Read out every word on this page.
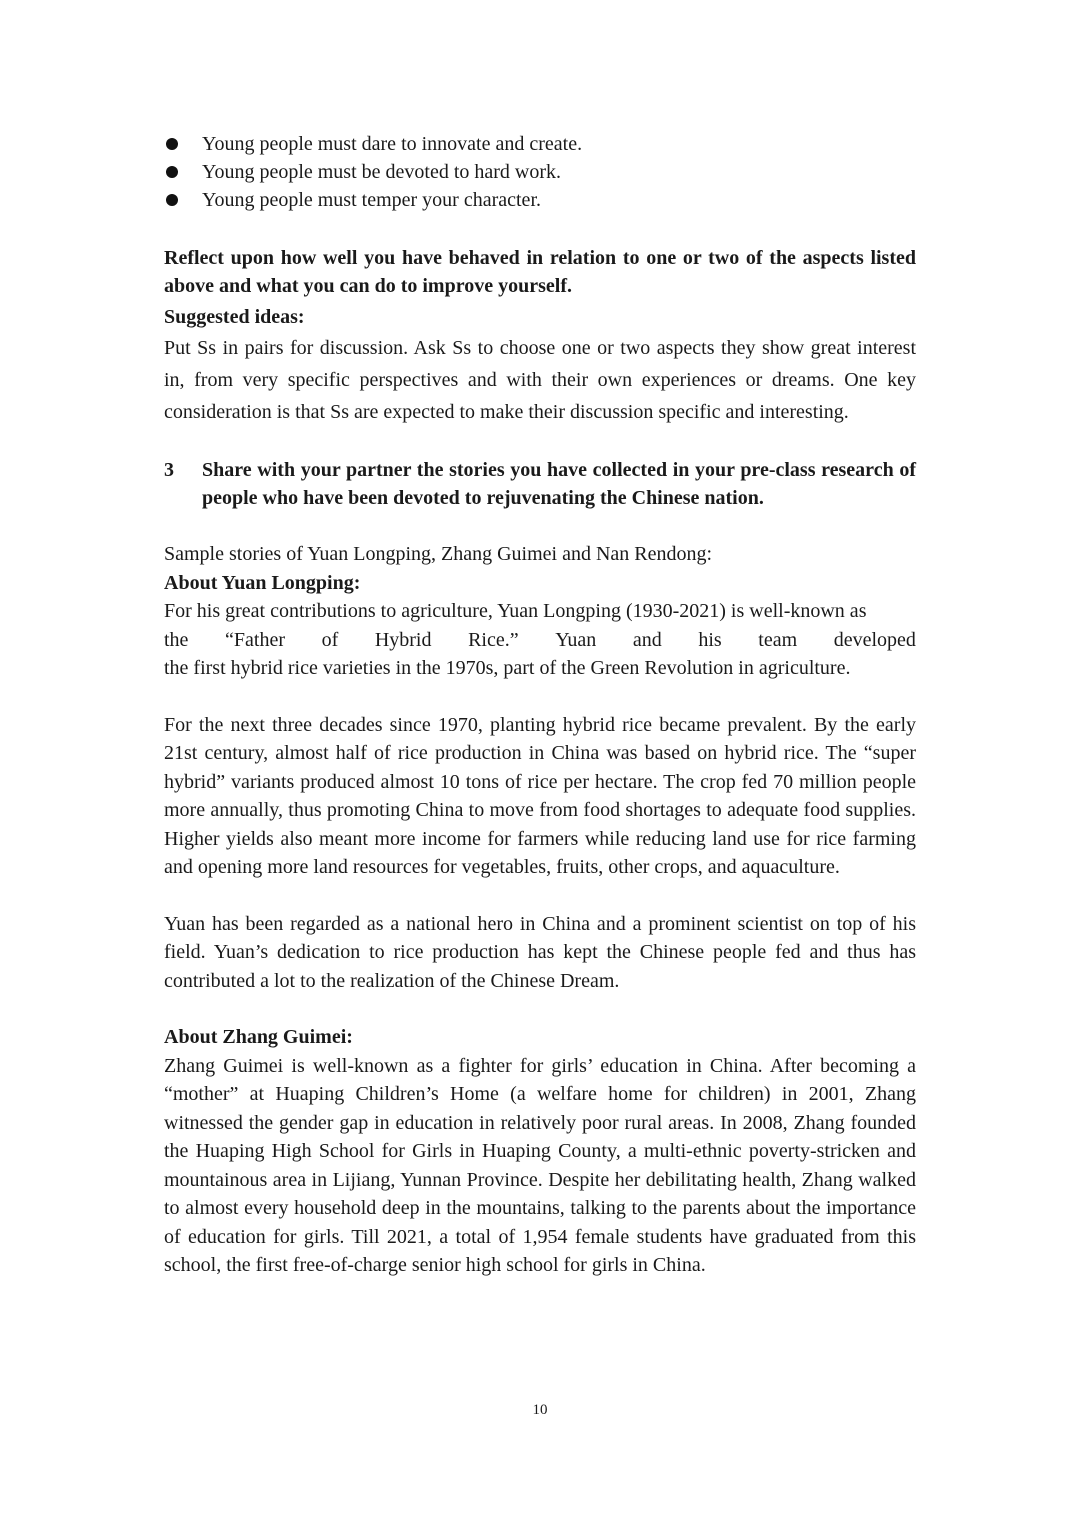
Young people must dare to innovate and create.
Young people must be devoted to hard work.
Young people must temper your character.

Reflect upon how well you have behaved in relation to one or two of the aspects listed above and what you can do to improve yourself.

Suggested ideas:

Put Ss in pairs for discussion. Ask Ss to choose one or two aspects they show great interest in, from very specific perspectives and with their own experiences or dreams. One key consideration is that Ss are expected to make their discussion specific and interesting.

3	Share with your partner the stories you have collected in your pre-class research of people who have been devoted to rejuvenating the Chinese nation.

Sample stories of Yuan Longping, Zhang Guimei and Nan Rendong:

About Yuan Longping:

For his great contributions to agriculture, Yuan Longping (1930-2021) is well-known as

the “Father of Hybrid Rice.” Yuan and his team developed

the first hybrid rice varieties in the 1970s, part of the Green Revolution in agriculture.

For the next three decades since 1970, planting hybrid rice became prevalent. By the early 21st century, almost half of rice production in China was based on hybrid rice. The “super hybrid” variants produced almost 10 tons of rice per hectare. The crop fed 70 million people more annually, thus promoting China to move from food shortages to adequate food supplies. Higher yields also meant more income for farmers while reducing land use for rice farming and opening more land resources for vegetables, fruits, other crops, and aquaculture.

Yuan has been regarded as a national hero in China and a prominent scientist on top of his field. Yuan’s dedication to rice production has kept the Chinese people fed and thus has contributed a lot to the realization of the Chinese Dream.

About Zhang Guimei:

Zhang Guimei is well-known as a fighter for girls’ education in China. After becoming a “mother” at Huaping Children’s Home (a welfare home for children) in 2001, Zhang witnessed the gender gap in education in relatively poor rural areas. In 2008, Zhang founded the Huaping High School for Girls in Huaping County, a multi-ethnic poverty-stricken and mountainous area in Lijiang, Yunnan Province. Despite her debilitating health, Zhang walked to almost every household deep in the mountains, talking to the parents about the importance of education for girls. Till 2021, a total of 1,954 female students have graduated from this school, the first free-of-charge senior high school for girls in China.

10
